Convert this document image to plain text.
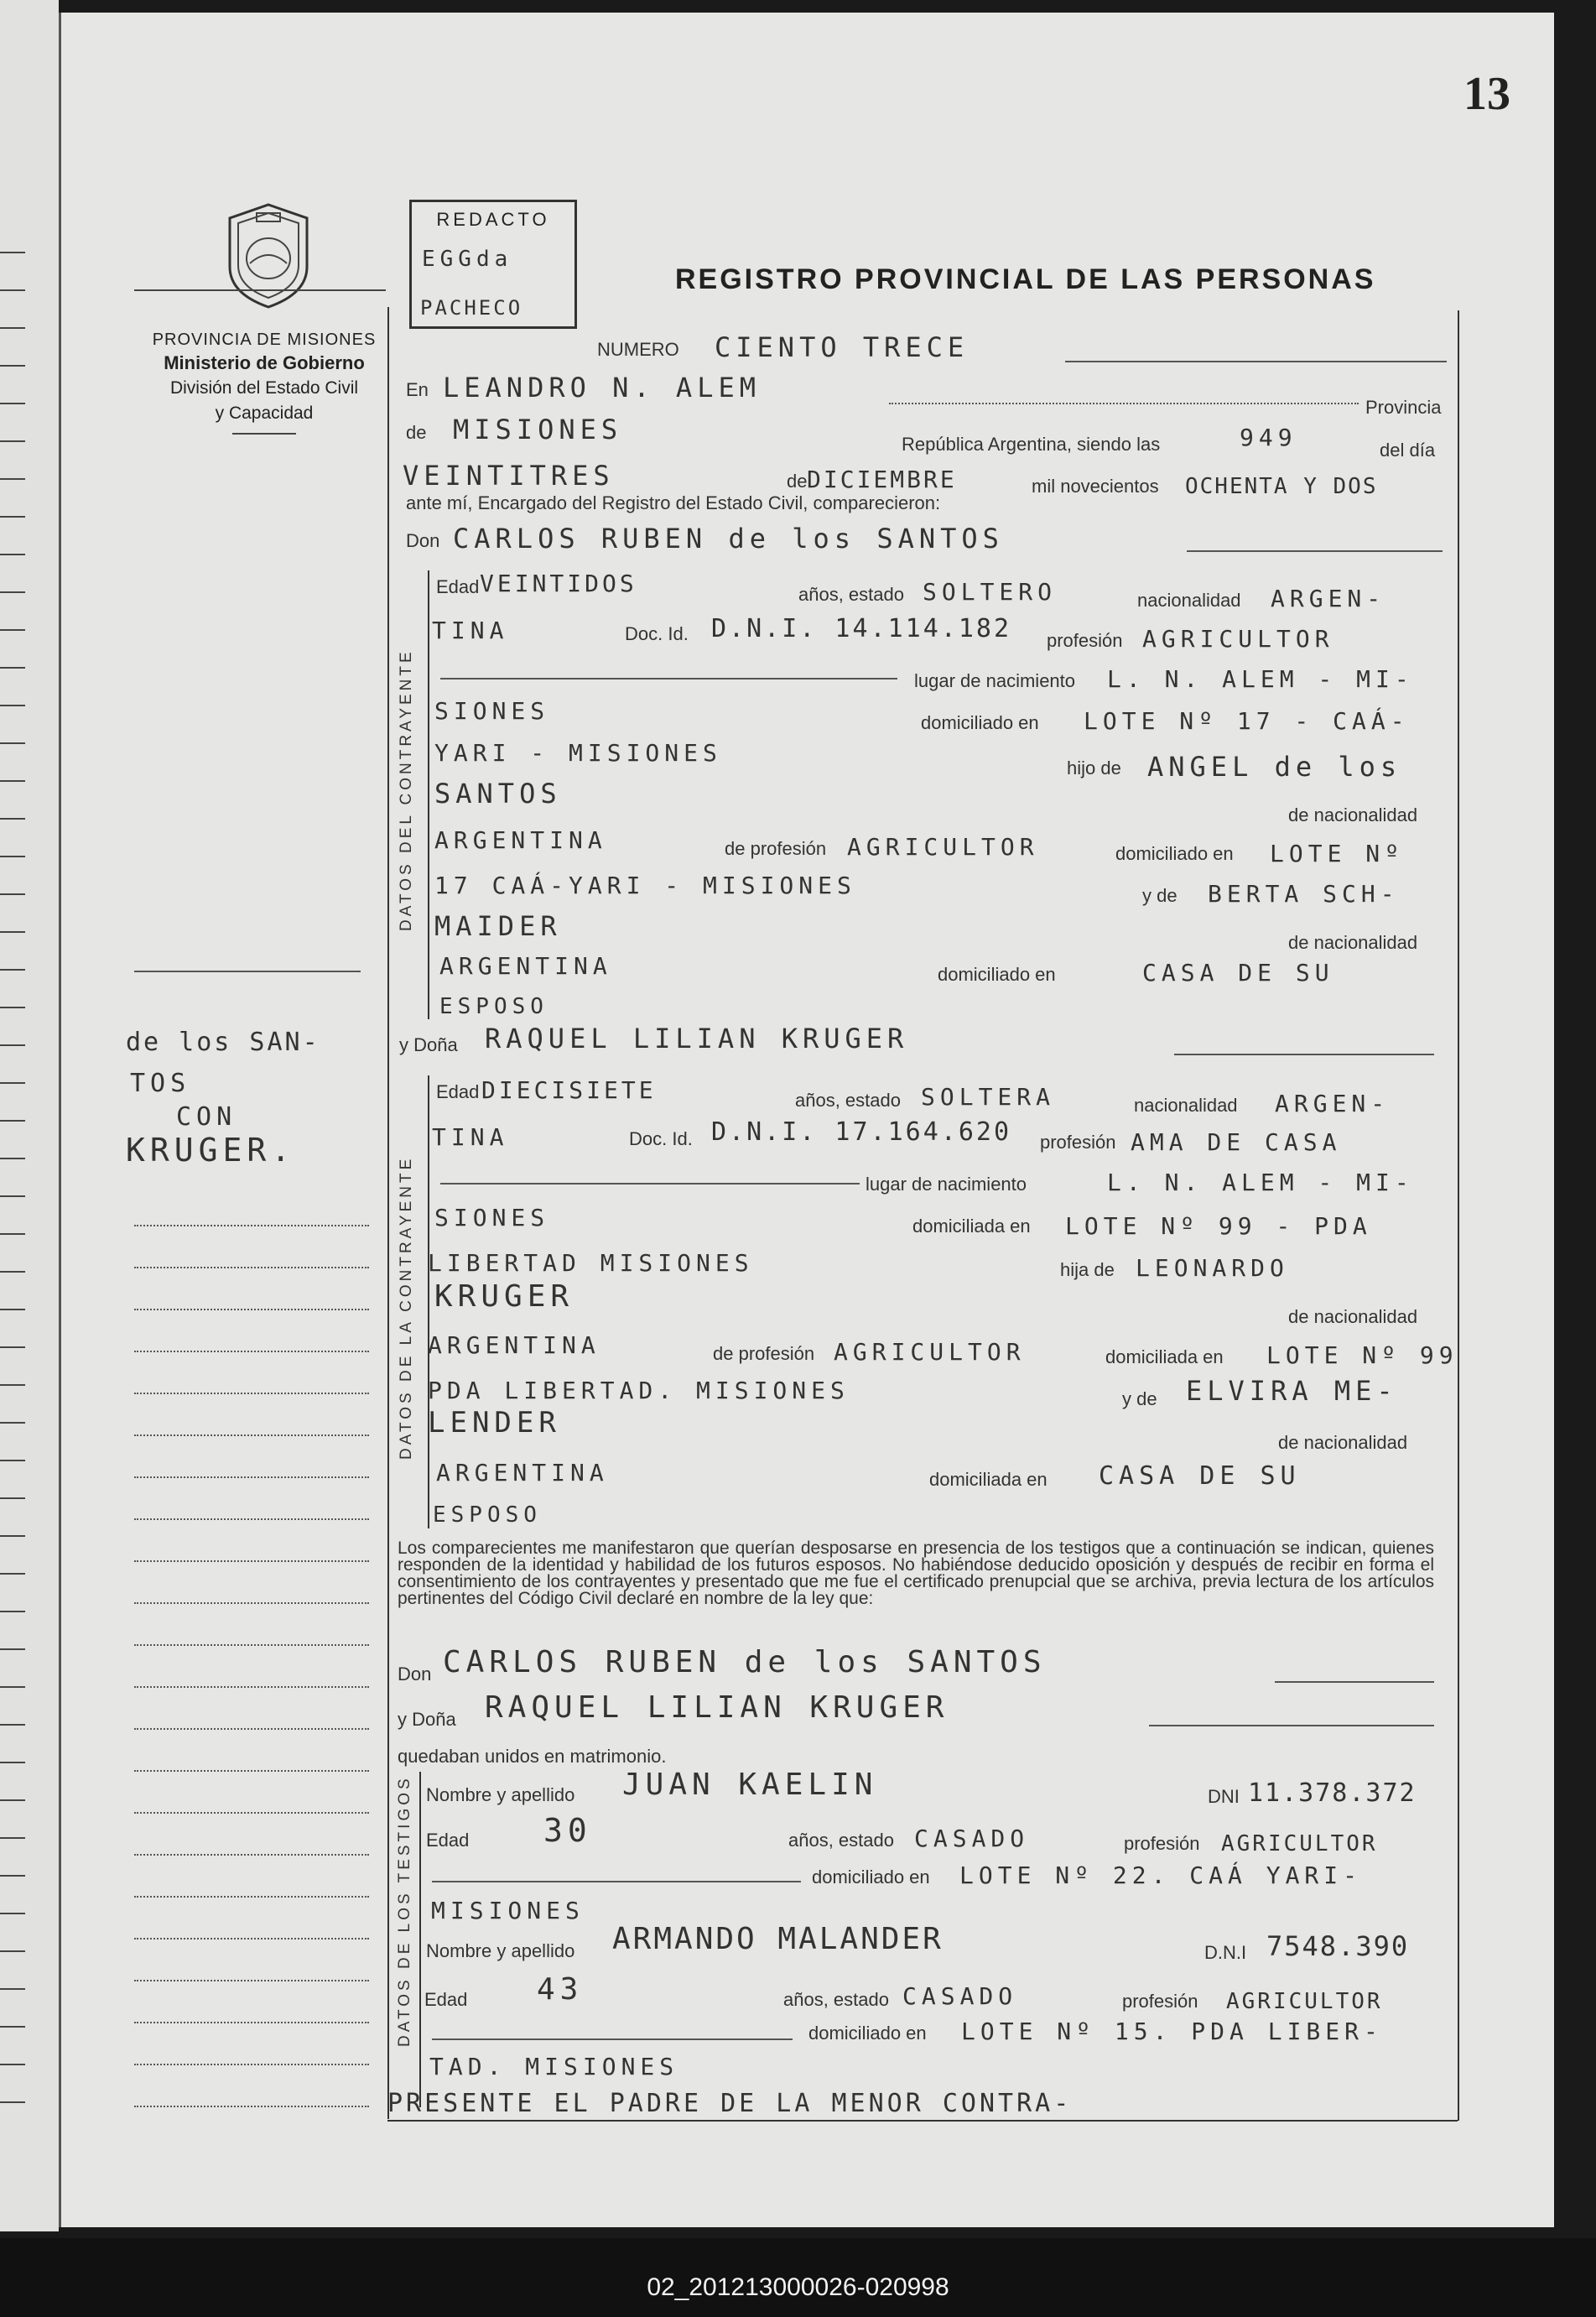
13
PROVINCIA DE MISIONES
Ministerio de Gobierno
División del Estado Civil
y Capacidad
REDACTO
EGGda
PACHECO
REGISTRO PROVINCIAL DE LAS PERSONAS
NUMERO CIENTO TRECE
En LEANDRO N. ALEM
Provincia
de MISIONES	República Argentina, siendo las	949	del día
VEINTITRES	de DICIEMBRE	mil novecientos OCHENTA Y DOS
ante mí, Encargado del Registro del Estado Civil, comparecieron:
Don CARLOS RUBEN de los SANTOS
DATOS DEL CONTRAYENTE
Edad VEINTIDOS	años, estado SOLTERO	nacionalidad ARGEN-
TINA	Doc. Id. D.N.I. 14.114.182 profesión AGRICULTOR
lugar de nacimiento L. N. ALEM - MI-
SIONES	domiciliado en LOTE Nº 17 - CAÁ-
YARI - MISIONES
hijo de ANGEL de los
SANTOS
de nacionalidad
ARGENTINA	de profesión AGRICULTOR	domiciliado en LOTE Nº
17 CAÁ-YARI - MISIONES	y de BERTA SCH-
MAIDER
de nacionalidad
ARGENTINA	domiciliado en	CASA DE SU
ESPOSO
de los SAN-
TOS
CON
KRUGER.
y Doña RAQUEL LILIAN KRUGER
DATOS DE LA CONTRAYENTE
Edad DIECISIETE	años, estado SOLTERA	nacionalidad ARGEN-
TINA	Doc. Id. D.N.I. 17.164.620 profesión AMA DE CASA
lugar de nacimiento	L. N. ALEM - MI-
SIONES	domiciliada en LOTE Nº 99 - PDA
LIBERTAD MISIONES	hija de LEONARDO
KRUGER
de nacionalidad
ARGENTINA	de profesión AGRICULTOR	domiciliada en LOTE Nº 99
PDA LIBERTAD. MISIONES	y de ELVIRA ME-
LENDER
de nacionalidad
ARGENTINA	domiciliada en CASA DE SU
ESPOSO
Los comparecientes me manifestaron que querían desposarse en presencia de los testigos que a continuación se indican, quienes responden de la identidad y habilidad de los futuros esposos. No habiéndose deducido oposición y después de recibir en forma el consentimiento de los contrayentes y presentado que me fue el certificado prenupcial que se archiva, previa lectura de los artículos pertinentes del Código Civil declaré en nombre de la ley que:
Don CARLOS RUBEN de los SANTOS
y Doña RAQUEL LILIAN KRUGER
quedaban unidos en matrimonio.
DATOS DE LOS TESTIGOS Nombre y apellido JUAN KAELIN	DNI 11.378.372
Edad 30	años, estado CASADO	profesión AGRICULTOR
domiciliado en LOTE Nº 22. CAÁ YARI-
MISIONES
Nombre y apellido ARMANDO MALANDER	D.N.I 7548.390
Edad 43	años, estado CASADO	profesión AGRICULTOR
domiciliado en LOTE Nº 15. PDA LIBER-
TAD. MISIONES
PRESENTE EL PADRE DE LA MENOR CONTRA-
02_201213000026-020998
